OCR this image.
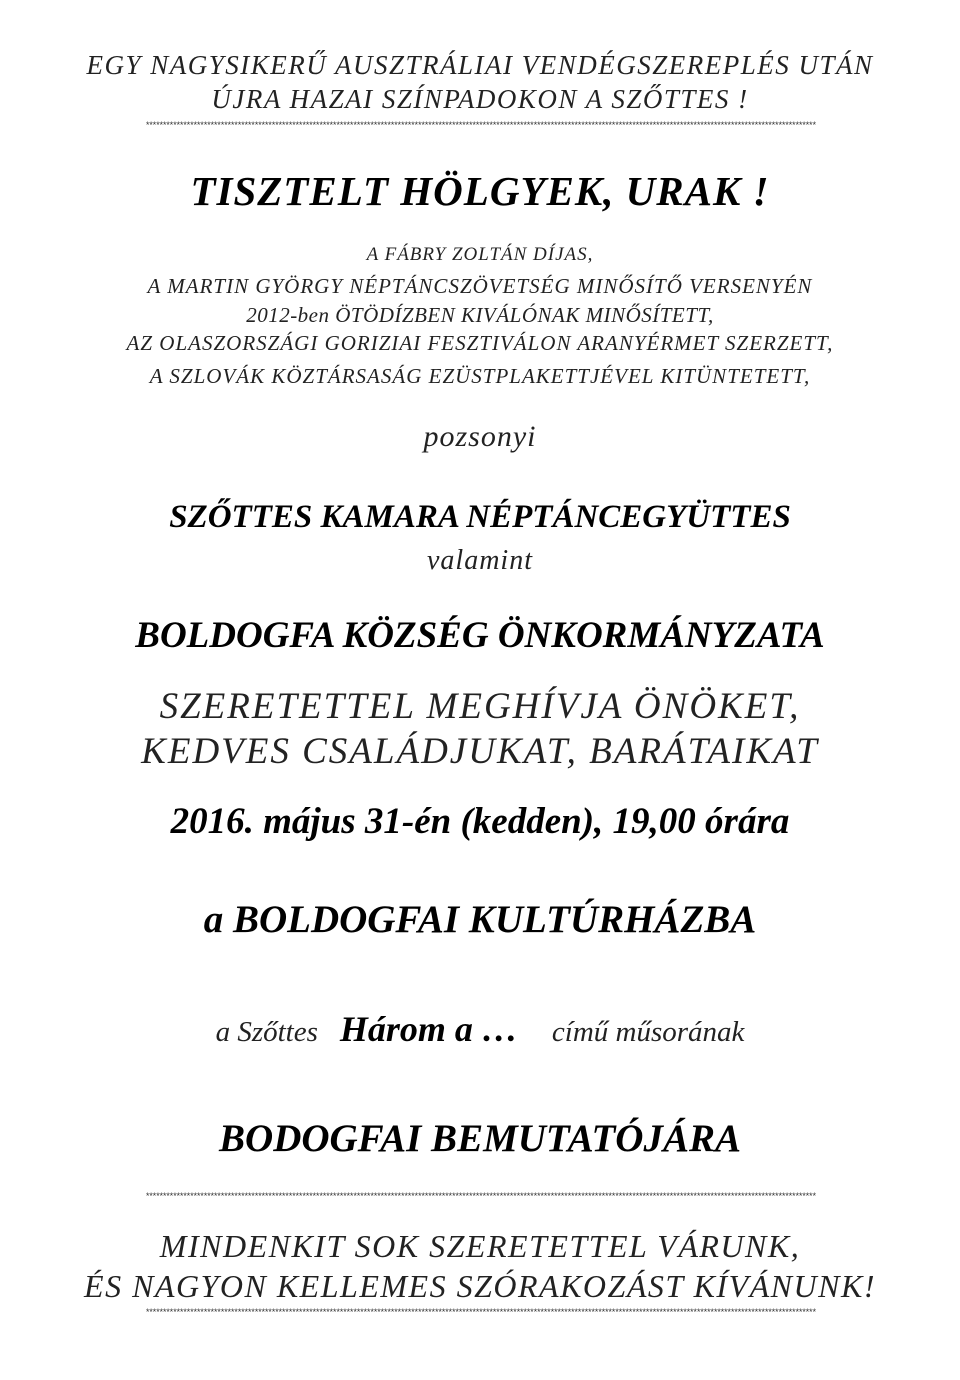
EGY NAGYSIKERŰ AUSZTRÁLIAI VENDÉGSZEREPLÉS UTÁN
ÚJRA HAZAI SZÍNPADOKON A SZŐTTES !
*****************************************************************************************************************************************************************************************************
TISZTELT HÖLGYEK, URAK !
A FÁBRY ZOLTÁN DÍJAS,
A MARTIN GYÖRGY NÉPTÁNCSZÖVETSÉG MINŐSÍTŐ VERSENYÉN
2012-ben ÖTÖDÍZBEN KIVÁLÓNAK MINŐSÍTETT,
AZ OLASZORSZÁGI GORIZIAI FESZTIVÁLON ARANYÉRMET SZERZETT,
A SZLOVÁK KÖZTÁRSASÁG EZÜSTPLAKETTJÉVEL KITÜNTETETT,
pozsonyi
SZŐTTES KAMARA NÉPTÁNCEGYÜTTES
valamint
BOLDOGFA KÖZSÉG ÖNKORMÁNYZATA
SZERETETTEL MEGHÍVJA ÖNÖKET,
KEDVES CSALÁDJUKAT, BARÁTAIKAT
2016. május 31-én (kedden), 19,00 órára
a BOLDOGFAI KULTÚRHÁZBA
a Szőttes Három a … című műsorának
BODOGFAI BEMUTATÓJÁRA
*****************************************************************************************************************************************************************************************************
MINDENKIT SOK SZERETETTEL VÁRUNK,
ÉS NAGYON KELLEMES SZÓRAKOZÁST KÍVÁNUNK!
*****************************************************************************************************************************************************************************************************
